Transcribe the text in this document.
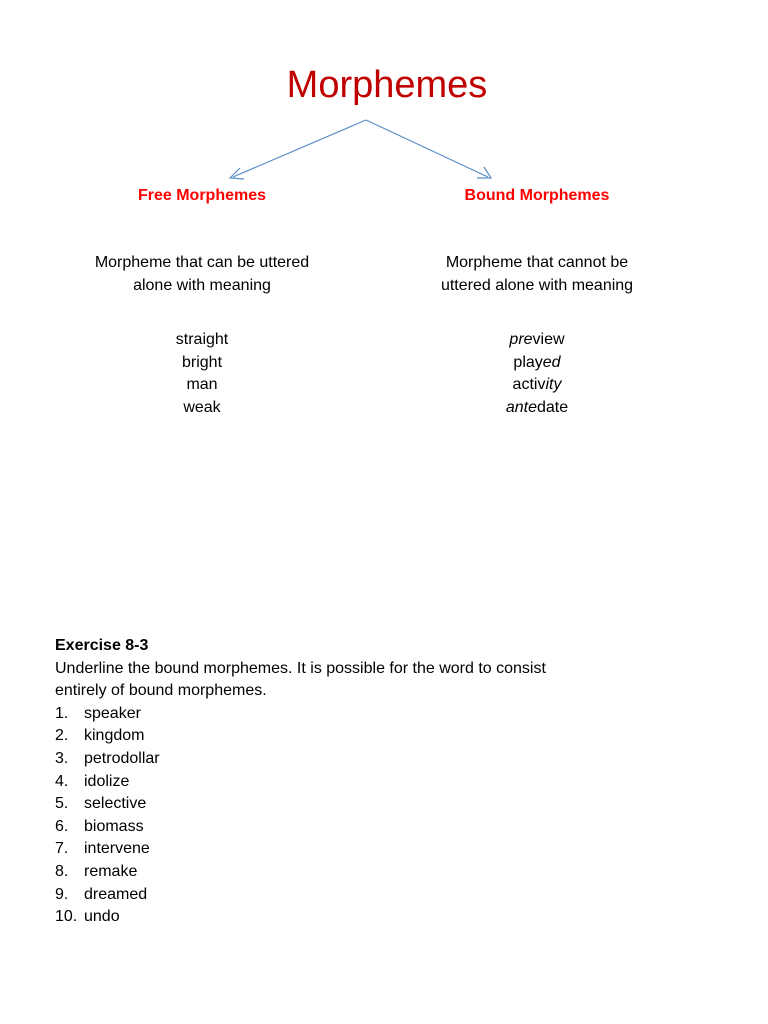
Morphemes
Free Morphemes
Morpheme that can be uttered
alone with meaning
straight
bright
man
weak
Bound Morphemes
Morpheme that cannot be
uttered alone with meaning
preview
played
activity
antedate
Exercise 8-3
Underline the bound morphemes. It is possible for the word to consist
entirely of bound morphemes.
1. speaker
2. kingdom
3. petrodollar
4. idolize
5. selective
6. biomass
7. intervene
8. remake
9. dreamed
10. undo
